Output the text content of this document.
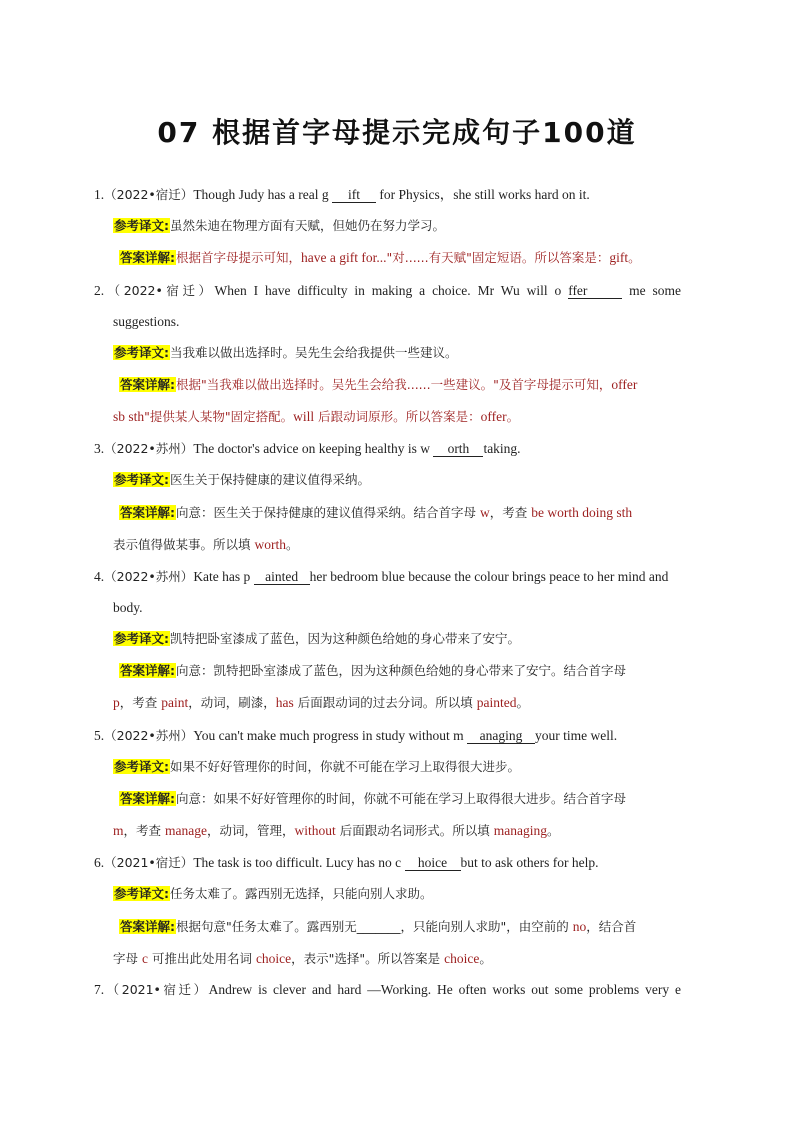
07 根据首字母提示完成句子100道
1.（2022•宿迁）Though Judy has a real g ift for Physics，she still works hard on it.
参考译文:虽然朱迪在物理方面有天赋，但她仍在努力学习。
答案详解:根据首字母提示可知，have a gift for..."对......有天赋"固定短语。所以答案是：gift。
2.（2022•宿迁）When I have difficulty in making a choice. Mr Wu will o ffer	me some
suggestions.
参考译文:当我难以做出选择时。吴先生会给我提供一些建议。
答案详解:根据"当我难以做出选择时。吴先生会给我......一些建议。"及首字母提示可知，offer
sb sth"提供某人某物"固定搭配。will 后跟动词原形。所以答案是：offer。
3.（2022•苏州）The doctor's advice on keeping healthy is w orth taking.
参考译文:医生关于保持健康的建议值得采纳。
答案详解:向意：医生关于保持健康的建议值得采纳。结合首字母 w，考查 be worth doing sth
表示值得做某事。所以填 worth。
4.（2022•苏州）Kate has p ainted her bedroom blue because the colour brings peace to her mind and
body.
参考译文:凯特把卧室漆成了蓝色，因为这种颜色给她的身心带来了安宁。
答案详解:向意：凯特把卧室漆成了蓝色，因为这种颜色给她的身心带来了安宁。结合首字母
p，考查 paint，动词，刷漆，has 后面跟动词的过去分词。所以填 painted。
5.（2022•苏州）You can't make much progress in study without m anaging your time well.
参考译文:如果不好好管理你的时间，你就不可能在学习上取得很大进步。
答案详解:向意：如果不好好管理你的时间，你就不可能在学习上取得很大进步。结合首字母
m，考查 manage，动词，管理，without 后面跟动名词形式。所以填 managing。
6.（2021•宿迁）The task is too difficult. Lucy has no c hoice but to ask others for help.
参考译文:任务太难了。露西别无选择，只能向别人求助。
答案详解:根据句意"任务太难了。露西别无_______，只能向别人求助"，由空前的 no，结合首
字母 c 可推出此处用名词 choice，表示"选择"。所以答案是 choice。
7.（2021•宿迁）Andrew is clever and hard —Working. He often works out some problems very e
